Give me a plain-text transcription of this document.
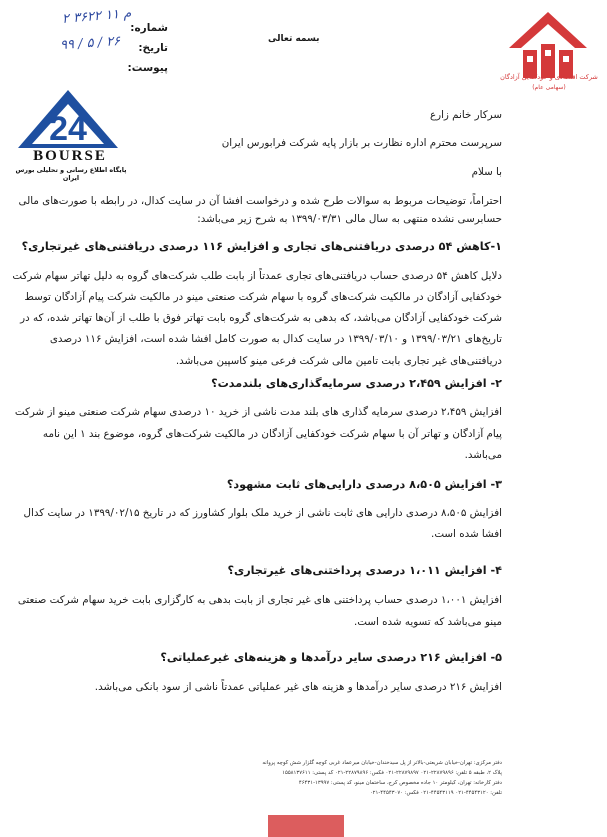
شرکت اقتصادی و خودکفایی آزادگان
(سهامی عام)
بسمه تعالی
شماره:
تاریخ:
پیوست:
۲ ۳۶۲۲ ۱م ۱
۹۹ / ۵ / ۲۶
24
BOURSE
پایگاه اطلاع رسانی و تحلیلی بورس ایران
سرکار خانم زارع
سرپرست محترم اداره نظارت بر بازار پایه شرکت فرابورس ایران
با سلام
احتراماً، توضیحات مربوط به سوالات طرح شده و درخواست افشا آن در سایت کدال، در رابطه با صورت‌های مالی
حسابرسی نشده منتهی به سال مالی ۱۳۹۹/۰۳/۳۱ به شرح زیر می‌باشد:
۱-کاهش ۵۴ درصدی دریافتنی‌های تجاری و افزایش ۱۱۶ درصدی دریافتنی‌های غیرتجاری؟
دلایل کاهش ۵۴ درصدی حساب دریافتنی‌های تجاری عمدتاً از بابت طلب شرکت‌های گروه به دلیل تهاتر سهام شرکت
خودکفایی آزادگان در مالکیت شرکت‌های گروه با سهام شرکت صنعتی مینو در مالکیت شرکت پیام آزادگان توسط
شرکت خودکفایی آزادگان می‌باشد، که بدهی به شرکت‌های گروه بابت تهاتر فوق با طلب از آن‌ها تهاتر شده، که در
تاریخ‌های ۱۳۹۹/۰۳/۲۱ و ۱۳۹۹/۰۳/۱۰ در سایت کدال به صورت کامل افشا شده است، افزایش ۱۱۶ درصدی
دریافتنی‌های غیر تجاری بابت تامین مالی شرکت فرعی مینو کاسپین می‌باشد.
۲- افزایش ۲،۴۵۹ درصدی سرمایه‌گذاری‌های بلندمدت؟
افزایش ۲،۴۵۹ درصدی سرمایه گذاری های بلند مدت ناشی از خرید ۱۰ درصدی سهام شرکت صنعتی مینو از شرکت
پیام آزادگان و تهاتر آن با سهام شرکت خودکفایی آزادگان در مالکیت شرکت‌های گروه، موضوع بند ۱ این نامه
می‌باشد.
۳- افزایش ۸،۵۰۵ درصدی دارایی‌های ثابت مشهود؟
افزایش ۸،۵۰۵ درصدی دارایی های ثابت ناشی از خرید ملک بلوار کشاورز که در تاریخ ۱۳۹۹/۰۲/۱۵ در سایت کدال
افشا شده است.
۴- افزایش ۱،۰۱۱ درصدی پرداختنی‌های غیرتجاری؟
افزایش ۱،۰۰۱ درصدی حساب پرداختنی های غیر تجاری از بابت بدهی به کارگزاری بابت خرید سهام شرکت صنعتی
مینو می‌باشد که تسویه شده است.
۵- افزایش ۲۱۶ درصدی سایر درآمدها و هزینه‌های غیرعملیاتی؟
افزایش ۲۱۶ درصدی سایر درآمدها و هزینه های غیر عملیاتی عمدتاً ناشی از سود بانکی می‌باشد.
دفتر مرکزی: تهران-خیابان شریعتی-بالاتر از پل سیدخندان-خیابان میرعماد غربی کوچه گلزار شش کوچه پروانه
پلاک ۲، طبقه ۵ تلفن: ۲۲۸۷۹۸۹۶-۰۲۱ ۲۲۸۷۹۸۹۷-۰۲۱ فکس: ۲۲۸۷۹۸۹۶-۰۲۱ کد پستی: ۱۵۵۸۱۳۷۶۱۱
دفتر کارخانه: تهران، کیلومتر ۱۰ جاده مخصوص کرج، ساختمان مینو، کد پستی: ۱۳۹۹۷-۴۶۴۳۱
تلفن: ۴۴۵۴۳۱۲۰-۰۲۱ ۴۴۵۴۳۱۱۹-۰۲۱ فکس: ۴۴۵۴۳۰۷۰-۰۲۱
